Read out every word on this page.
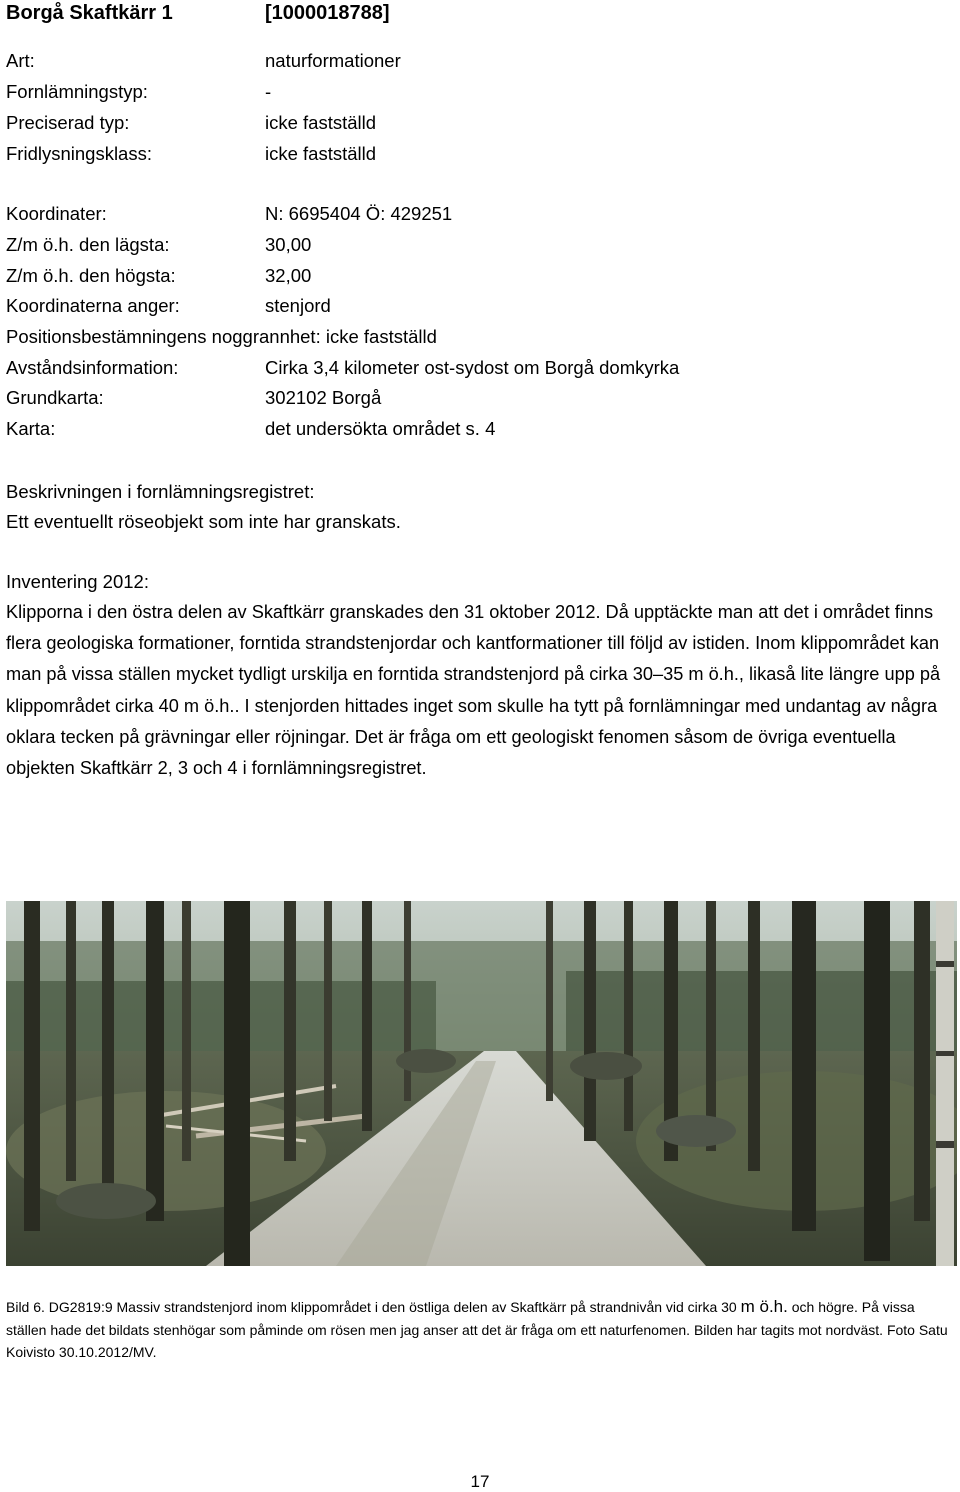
Borgå Skaftkärr 1	[1000018788]
Art:	naturformationer
Fornlämningstyp:	-
Preciserad typ:	icke fastställd
Fridlysningsklass:	icke fastställd
Koordinater:	N: 6695404 Ö: 429251
Z/m ö.h. den lägsta:	30,00
Z/m ö.h. den högsta:	32,00
Koordinaterna anger:	stenjord
Positionsbestämningens noggrannhet: icke fastställd
Avståndsinformation:	Cirka 3,4 kilometer ost-sydost om Borgå domkyrka
Grundkarta:	302102 Borgå
Karta:	det undersökta området s. 4
Beskrivningen i fornlämningsregistret:
Ett eventuellt röseobjekt som inte har granskats.
Inventering 2012:
Klipporna i den östra delen av Skaftkärr granskades den 31 oktober 2012. Då upptäckte man att det i området finns flera geologiska formationer, forntida strandstenjordar och kantformationer till följd av istiden. Inom klippområdet kan man på vissa ställen mycket tydligt urskilja en forntida strandstenjord på cirka 30‒35 m ö.h., likaså lite längre upp på klippområdet cirka 40 m ö.h.. I stenjorden hittades inget som skulle ha tytt på fornlämningar med undantag av några oklara tecken på grävningar eller röjningar. Det är fråga om ett geologiskt fenomen såsom de övriga eventuella objekten Skaftkärr 2, 3 och 4 i fornlämningsregistret.
Bild 6. DG2819:9 Massiv strandstenjord inom klippområdet i den östliga delen av Skaftkärr på strandnivån vid cirka 30 m ö.h. och högre. På vissa ställen hade det bildats stenhögar som påminde om rösen men jag anser att det är fråga om ett naturfenomen. Bilden har tagits mot nordväst. Foto Satu Koivisto 30.10.2012/MV.
17
